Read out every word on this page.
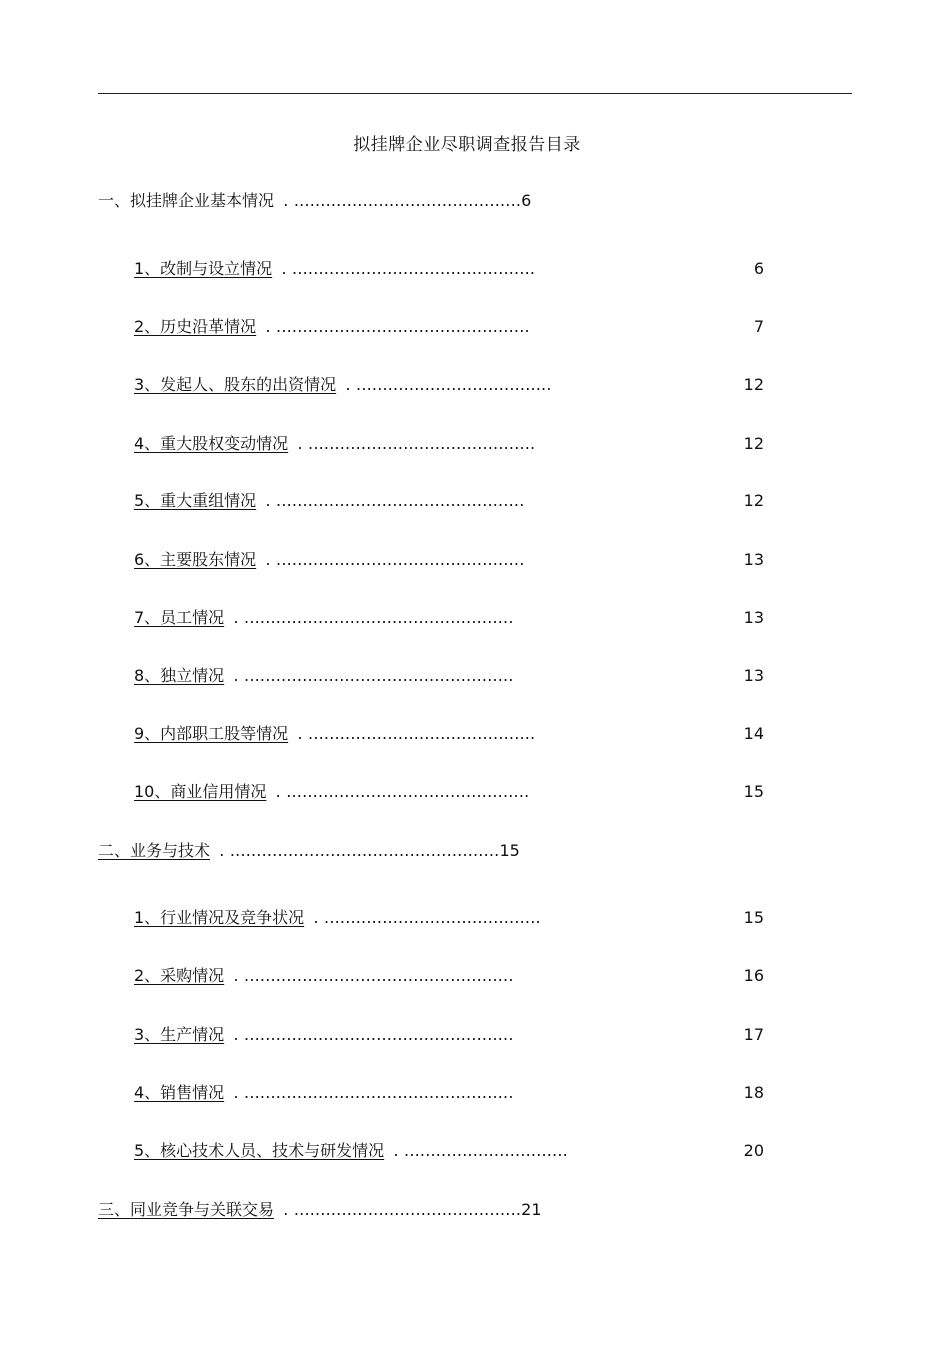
拟挂牌企业尽职调查报告目录
一、拟挂牌企业基本情况 . ...........................................6
1、改制与设立情况 . ..............................................	6
2、历史沿革情况 . ................................................	7
3、发起人、股东的出资情况 . .....................................	12
4、重大股权变动情况 . ...........................................	12
5、重大重组情况 . ...............................................	12
6、主要股东情况 . ...............................................	13
7、员工情况 . ...................................................	13
8、独立情况 . ...................................................	13
9、内部职工股等情况 . ...........................................	14
10、商业信用情况 . ..............................................	15
二、业务与技术 . ...................................................15
1、行业情况及竞争状况 . .........................................	15
2、采购情况 . ...................................................	16
3、生产情况 . ...................................................	17
4、销售情况 . ...................................................	18
5、核心技术人员、技术与研发情况 . ...............................	20
三、同业竞争与关联交易 . ...........................................21
